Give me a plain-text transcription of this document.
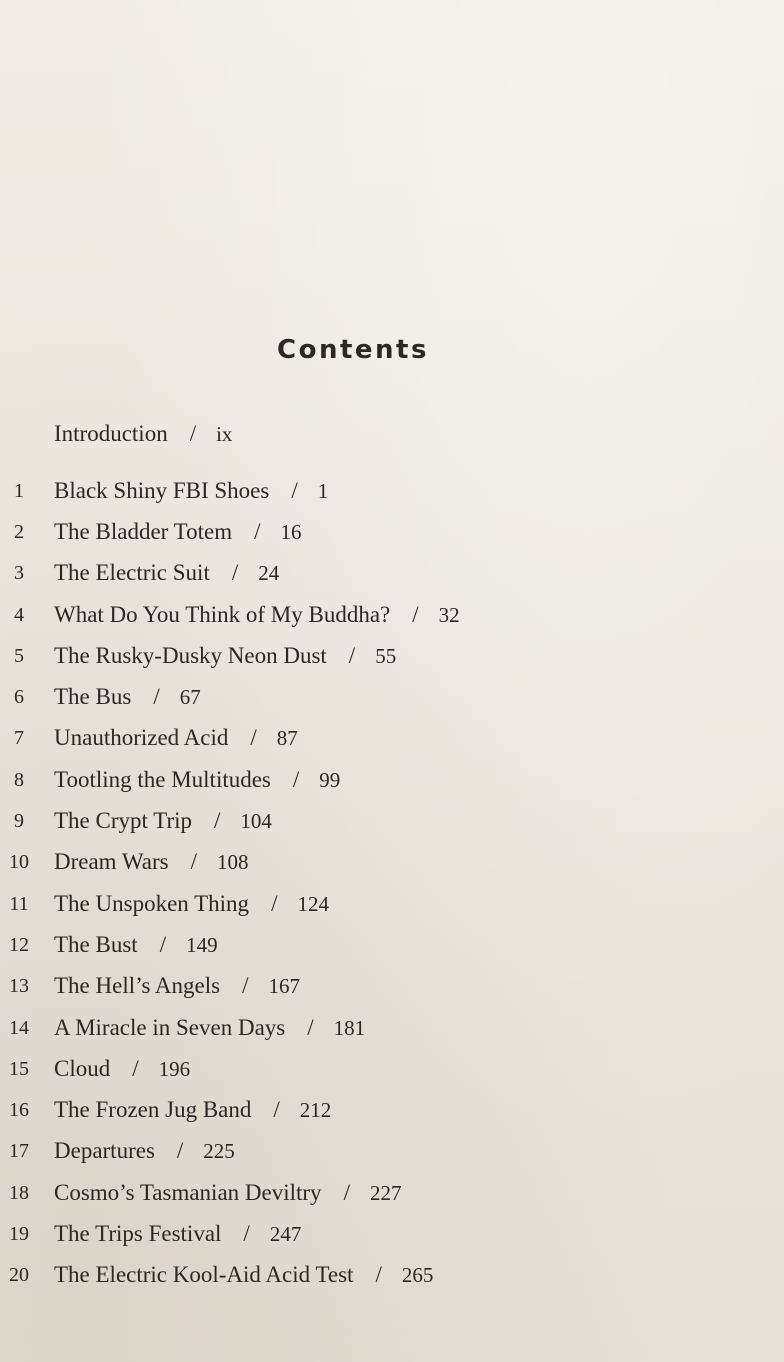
Contents
Introduction / ix
1	Black Shiny FBI Shoes / 1
2	The Bladder Totem / 16
3	The Electric Suit / 24
4	What Do You Think of My Buddha? / 32
5	The Rusky-Dusky Neon Dust / 55
6	The Bus / 67
7	Unauthorized Acid / 87
8	Tootling the Multitudes / 99
9	The Crypt Trip / 104
10 Dream Wars / 108
11 The Unspoken Thing / 124
12 The Bust / 149
13 The Hell’s Angels / 167
14 A Miracle in Seven Days / 181
15 Cloud / 196
16 The Frozen Jug Band / 212
17 Departures / 225
18 Cosmo’s Tasmanian Deviltry / 227
19 The Trips Festival / 247
20 The Electric Kool-Aid Acid Test / 265
